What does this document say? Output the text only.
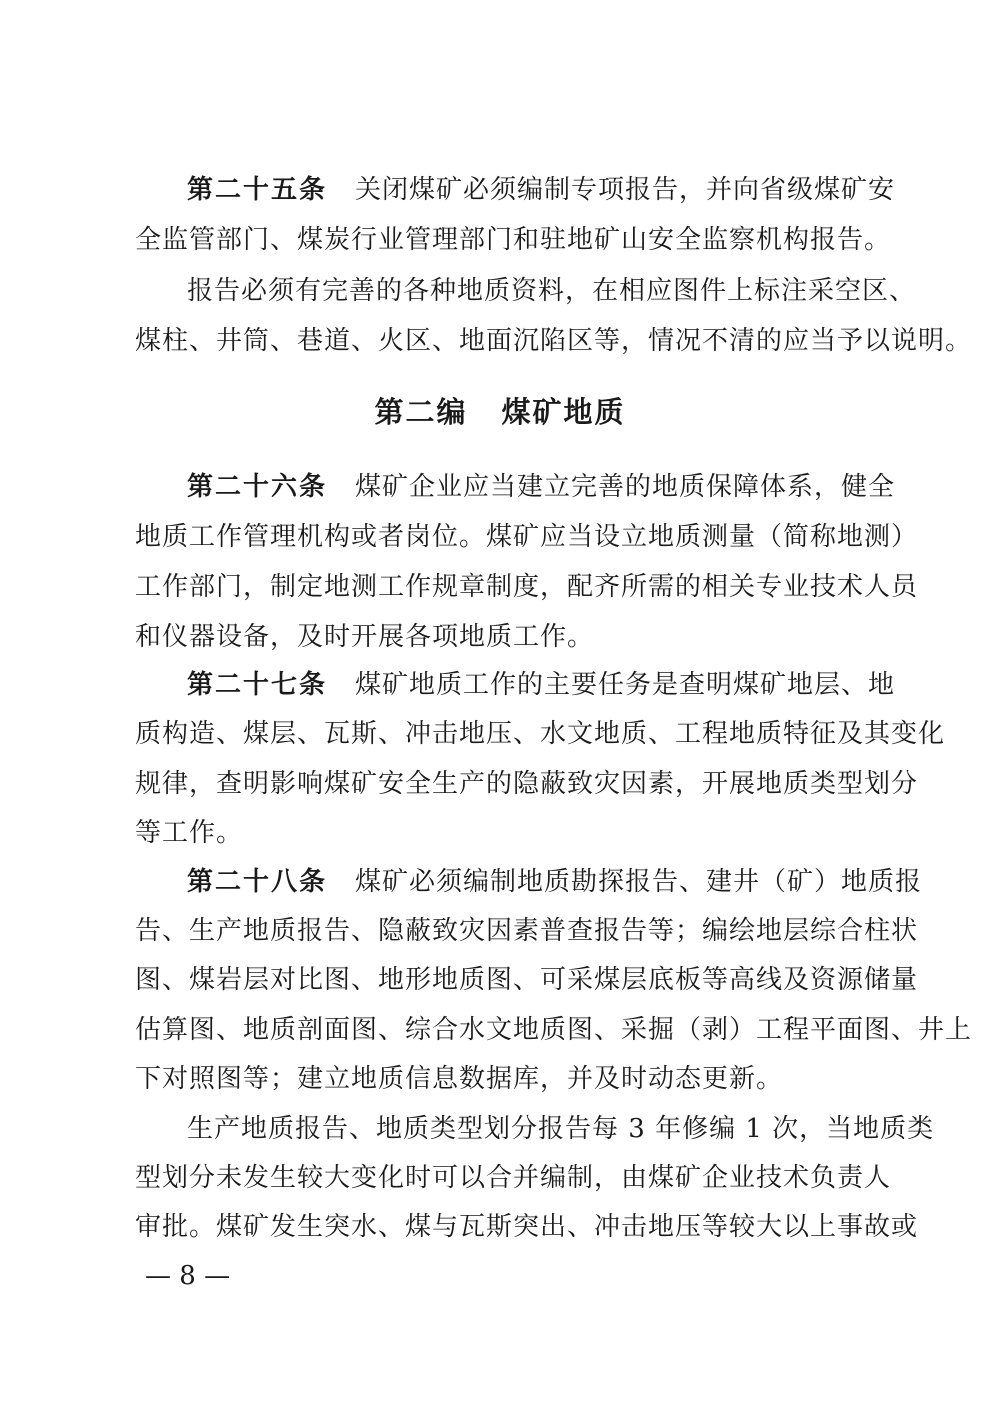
第二十五条 关闭煤矿必须编制专项报告，并向省级煤矿安
全监管部门、煤炭行业管理部门和驻地矿山安全监察机构报告。
报告必须有完善的各种地质资料，在相应图件上标注采空区、
煤柱、井筒、巷道、火区、地面沉陷区等，情况不清的应当予以说明。
第二编 煤矿地质
第二十六条 煤矿企业应当建立完善的地质保障体系，健全
地质工作管理机构或者岗位。煤矿应当设立地质测量（简称地测）
工作部门，制定地测工作规章制度，配齐所需的相关专业技术人员
和仪器设备，及时开展各项地质工作。
第二十七条 煤矿地质工作的主要任务是查明煤矿地层、地
质构造、煤层、瓦斯、冲击地压、水文地质、工程地质特征及其变化
规律，查明影响煤矿安全生产的隐蔽致灾因素，开展地质类型划分
等工作。
第二十八条 煤矿必须编制地质勘探报告、建井（矿）地质报
告、生产地质报告、隐蔽致灾因素普查报告等；编绘地层综合柱状
图、煤岩层对比图、地形地质图、可采煤层底板等高线及资源储量
估算图、地质剖面图、综合水文地质图、采掘（剥）工程平面图、井上
下对照图等；建立地质信息数据库，并及时动态更新。
生产地质报告、地质类型划分报告每 3 年修编 1 次，当地质类
型划分未发生较大变化时可以合并编制，由煤矿企业技术负责人
审批。煤矿发生突水、煤与瓦斯突出、冲击地压等较大以上事故或
— 8 —
